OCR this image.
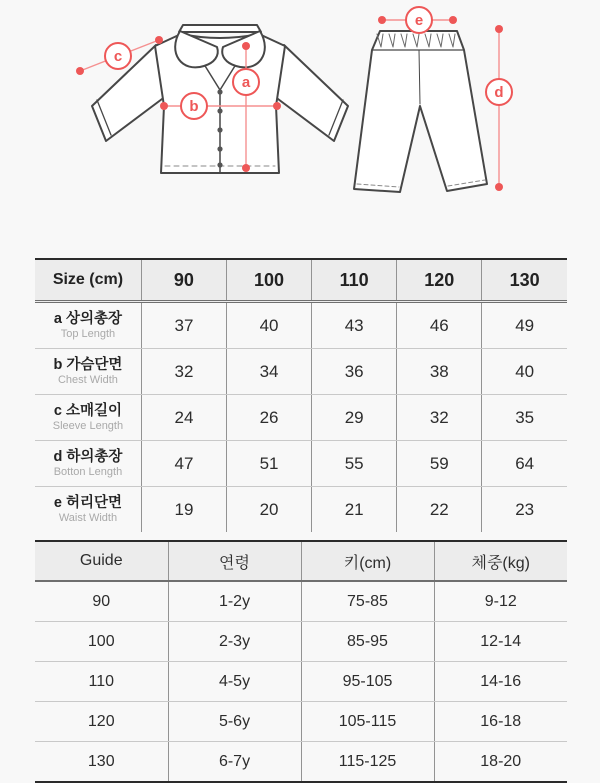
a
b
c
d
e
Size (cm)	90	100	110	120	130

a 상의총장
Top Length	37	40	43	46	49

b 가슴단면
Chest Width	32	34	36	38	40

c 소매길이
Sleeve Length	24	26	29	32	35

d 하의총장
Botton Length	47	51	55	59	64

e 허리단면
Waist Width	19	20	21	22	23
Guide	연령	키(cm)	체중(kg)
90	1-2y	75-85	9-12
100	2-3y	85-95	12-14
110	4-5y	95-105	14-16
120	5-6y	105-115	16-18
130	6-7y	115-125	18-20
